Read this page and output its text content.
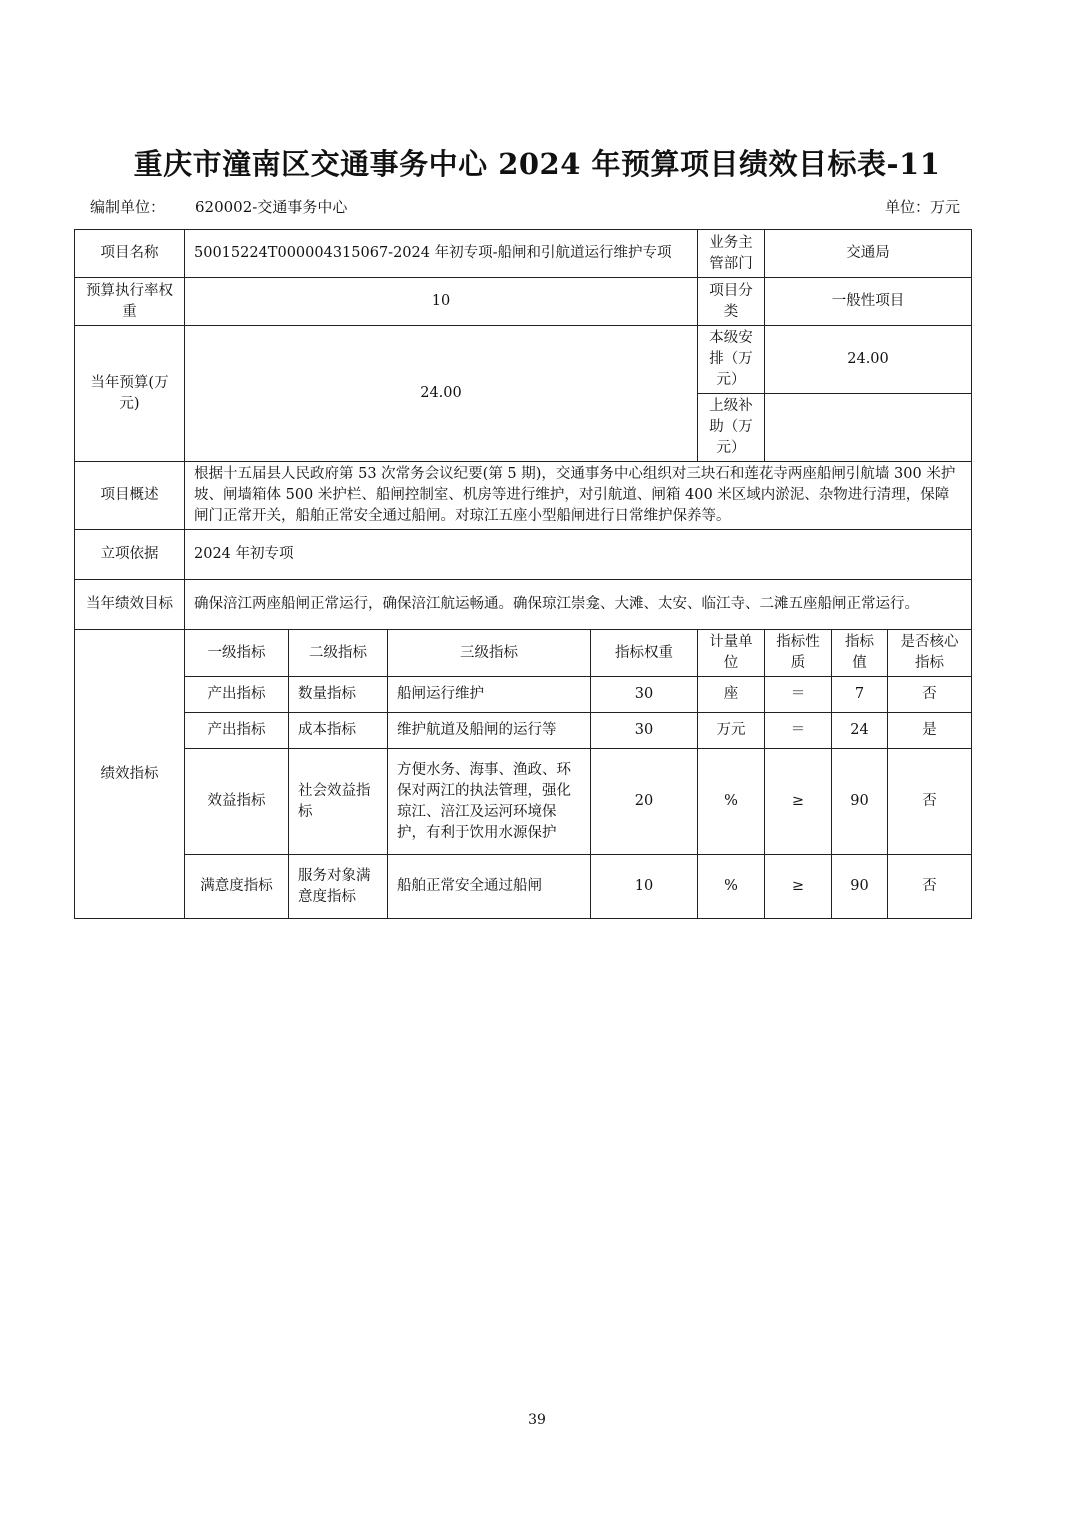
重庆市潼南区交通事务中心 2024 年预算项目绩效目标表-11
编制单位： 620002-交通事务中心	单位：万元
项目名称	50015224T000004315067-2024 年初专项-船闸和引航道运行维护专项				业务主管部门	交通局		
预算执行率权重	10				项目分类	一般性项目		
当年预算(万元)	24.00				本级安排（万元）	24.00		
					上级补助（万元）			
项目概述	根据十五届县人民政府第 53 次常务会议纪要(第 5 期)，交通事务中心组织对三块石和莲花寺两座船闸引航墙 300 米护坡、闸墙箱体 500 米护栏、船闸控制室、机房等进行维护，对引航道、闸箱 400 米区域内淤泥、杂物进行清理，保障闸门正常开关，船舶正常安全通过船闸。对琼江五座小型船闸进行日常维护保养等。							
立项依据	2024 年初专项							
当年绩效目标	确保涪江两座船闸正常运行，确保涪江航运畅通。确保琼江崇龛、大滩、太安、临江寺、二滩五座船闸正常运行。							
绩效指标	一级指标	二级指标	三级指标	指标权重	计量单位	指标性质	指标值	是否核心指标
	产出指标	数量指标	船闸运行维护	30	座	＝	7	否
	产出指标	成本指标	维护航道及船闸的运行等	30	万元	＝	24	是
	效益指标	社会效益指标	方便水务、海事、渔政、环保对两江的执法管理，强化琼江、涪江及运河环境保护，有利于饮用水源保护	20	%	≥	90	否
	满意度指标	服务对象满意度指标	船舶正常安全通过船闸	10	%	≥	90	否
39
